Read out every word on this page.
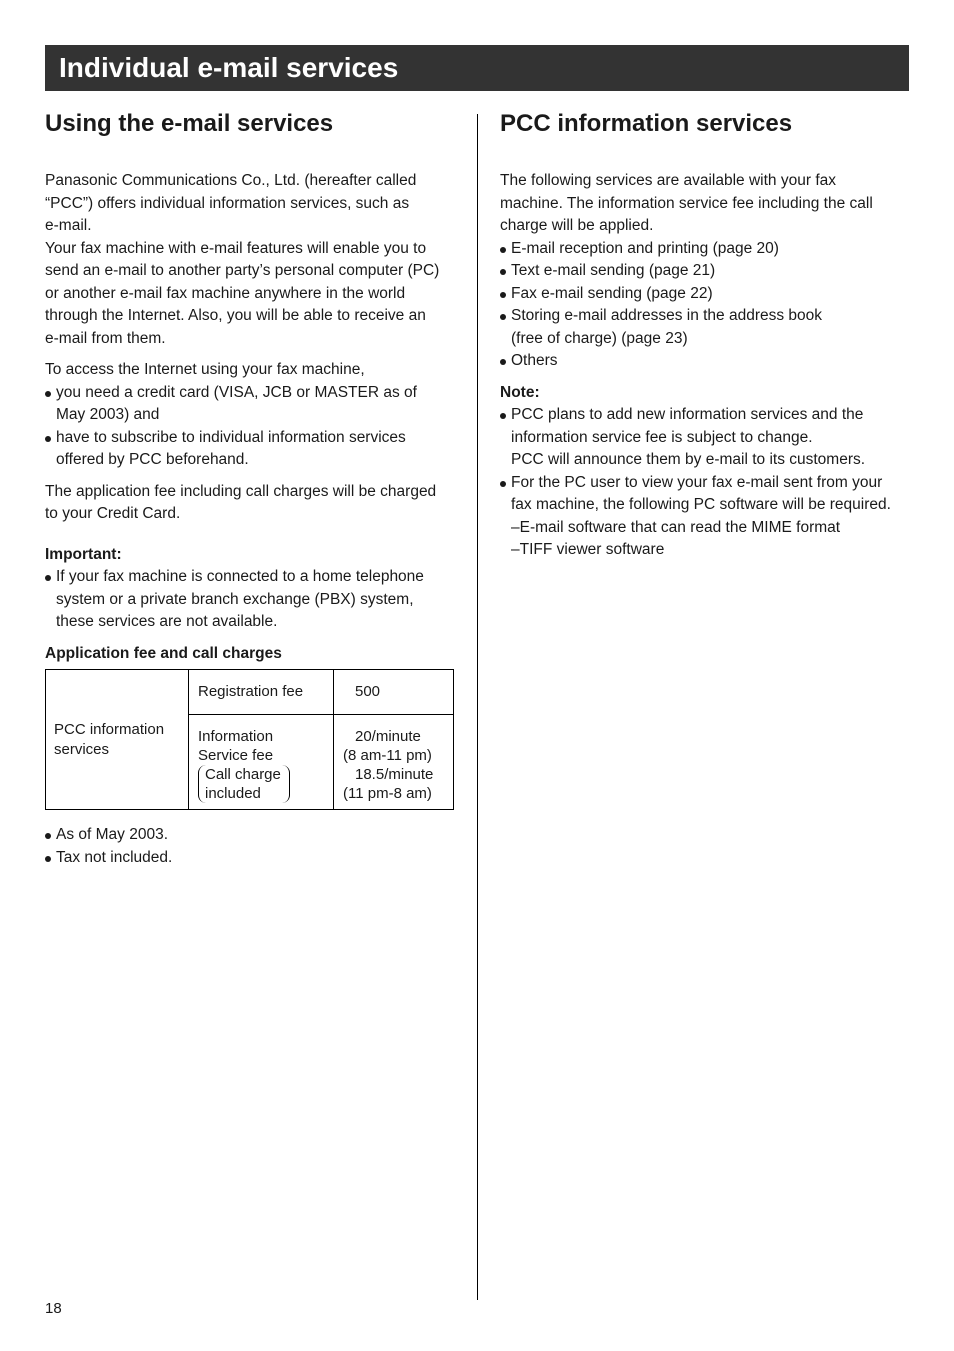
Individual e-mail services
Using the e-mail services

Panasonic Communications Co., Ltd. (hereafter called

“PCC”) offers individual information services, such as

e-mail.

Your fax machine with e-mail features will enable you to

send an e-mail to another party’s personal computer (PC)

or another e-mail fax machine anywhere in the world

through the Internet. Also, you will be able to receive an

e-mail from them.

To access the Internet using your fax machine,

you need a credit card (VISA, JCB or MASTER as of
May 2003) and
have to subscribe to individual information services
offered by PCC beforehand.

The application fee including call charges will be charged

to your Credit Card.

Important:
If your fax machine is connected to a home telephone
system or a private branch exchange (PBX) system,
these services are not available.
Application fee and call charges
PCC information
services	Registration fee	500
	Information
Service fee
Call charge
included	20/minute
(8 am-11 pm)
18.5/minute
(11 pm-8 am)
As of May 2003.
Tax not included.
PCC information services

The following services are available with your fax

machine. The information service fee including the call

charge will be applied.

E-mail reception and printing (page 20)
Text e-mail sending (page 21)
Fax e-mail sending (page 22)
Storing e-mail addresses in the address book
(free of charge) (page 23)
Others
Note:
PCC plans to add new information services and the
information service fee is subject to change.
PCC will announce them by e-mail to its customers.
For the PC user to view your fax e-mail sent from your
fax machine, the following PC software will be required.
–E-mail software that can read the MIME format
–TIFF viewer software
18
